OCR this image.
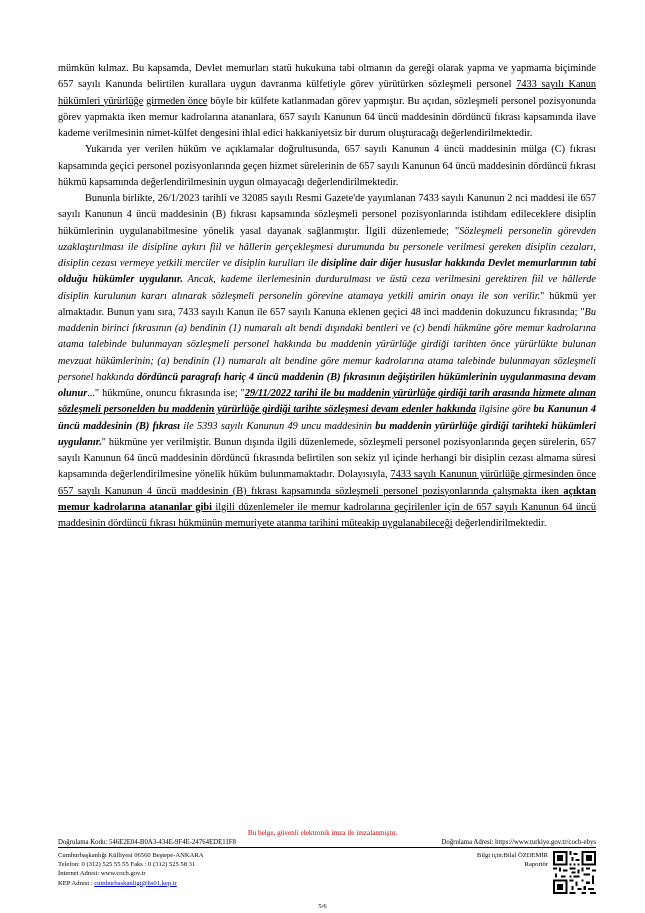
mümkün kılmaz. Bu kapsamda, Devlet memurları statü hukukuna tabi olmanın da gereği olarak yapma ve yapmama biçiminde 657 sayılı Kanunda belirtilen kurallara uygun davranma külfetiyle görev yürütürken sözleşmeli personel 7433 sayılı Kanun hükümleri yürürlüğe girmeden önce böyle bir külfete katlanmadan görev yapmıştır. Bu açıdan, sözleşmeli personel pozisyonunda görev yapmakta iken memur kadrolarına atananlara, 657 sayılı Kanunun 64 üncü maddesinin dördüncü fıkrası kapsamında ilave kademe verilmesinin nimet-külfet dengesini ihlal edici hakkaniyetsiz bir durum oluşturacağı değerlendirilmektedir.

Yukarıda yer verilen hüküm ve açıklamalar doğrultusunda, 657 sayılı Kanunun 4 üncü maddesinin mülga (C) fıkrası kapsamında geçici personel pozisyonlarında geçen hizmet sürelerinin de 657 sayılı Kanunun 64 üncü maddesinin dördüncü fıkrası hükmü kapsamında değerlendirilmesinin uygun olmayacağı değerlendirilmektedir.

Bununla birlikte, 26/1/2023 tarihli ve 32085 sayılı Resmi Gazete'de yayımlanan 7433 sayılı Kanunun 2 nci maddesi ile 657 sayılı Kanunun 4 üncü maddesinin (B) fıkrası kapsamında sözleşmeli personel pozisyonlarında istihdam edileceklere disiplin hükümlerinin uygulanabilmesine yönelik yasal dayanak sağlanmıştır. İlgili düzenlemede; "Sözleşmeli personelin görevden uzaklaştırılması ile disipline aykırı fiil ve hâllerin gerçekleşmesi durumunda bu personele verilmesi gereken disiplin cezaları, disiplin cezası vermeye yetkili merciler ve disiplin kurulları ile disipline dair diğer hususlar hakkında Devlet memurlarının tabi olduğu hükümler uygulanır. Ancak, kademe ilerlemesinin durdurulması ve üstü ceza verilmesini gerektiren fiil ve hâllerde disiplin kurulunun kararı alınarak sözleşmeli personelin görevine atamaya yetkili amirin onayı ile son verilir." hükmü yer almaktadır. Bunun yanı sıra, 7433 sayılı Kanun ile 657 sayılı Kanuna eklenen geçici 48 inci maddenin dokuzuncu fıkrasında; "Bu maddenin birinci fıkrasının (a) bendinin (1) numaralı alt bendi dışındaki bentleri ve (c) bendi hükmüne göre memur kadrolarına atama talebinde bulunmayan sözleşmeli personel hakkında bu maddenin yürürlüğe girdiği tarihten önce yürürlükte bulunan mevzuat hükümlerinin; (a) bendinin (1) numaralı alt bendine göre memur kadrolarına atama talebinde bulunmayan sözleşmeli personel hakkında dördüncü paragrafı hariç 4 üncü maddenin (B) fıkrasının değiştirilen hükümlerinin uygulanmasına devam olunur..." hükmüne, onuncu fıkrasında ise; "29/11/2022 tarihi ile bu maddenin yürürlüğe girdiği tarih arasında hizmete alınan sözleşmeli personelden bu maddenin yürürlüğe girdiği tarihte sözleşmesi devam edenler hakkında ilgisine göre bu Kanunun 4 üncü maddesinin (B) fıkrası ile 5393 sayılı Kanunun 49 uncu maddesinin bu maddenin yürürlüğe girdiği tarihteki hükümleri uygulanır." hükmüne yer verilmiştir. Bunun dışında ilgili düzenlemede, sözleşmeli personel pozisyonlarında geçen sürelerin, 657 sayılı Kanunun 64 üncü maddesinin dördüncü fıkrasında belirtilen son sekiz yıl içinde herhangi bir disiplin cezası almama süresi kapsamında değerlendirilmesine yönelik hüküm bulunmamaktadır. Dolayısıyla, 7433 sayılı Kanunun yürürlüğe girmesinden önce 657 sayılı Kanunun 4 üncü maddesinin (B) fıkrası kapsamında sözleşmeli personel pozisyonlarında çalışmakta iken açıktan memur kadrolarına atananlar gibi ilgili düzenlemeler ile memur kadrolarına geçirilenler için de 657 sayılı Kanunun 64 üncü maddesinin dördüncü fıkrası hükmünün memuriyete atanma tarihini müteakip uygulanabileceği değerlendirilmektedir.

Bu belge, güvenli elektronik imza ile imzalanmıştır.
Doğrulama Kodu: 546E2E04-B0A3-434E-9F4E-24764EDE11F8	Doğrulama Adresi: https://www.turkiye.gov.tr/cocb-ebys
Cumhurbaşkanlığı Külliyesi 06560 Beştepe-ANKARA
Telefon: 0 (312) 525 55 55 Faks : 0 (312) 525 58 31
İnternet Adresi: www.cocb.gov.tr
KEP Adresi : cumhurbaskanligi@hs01.kep.tr
Bilgi için:Bilal ÖZDEMİR
Raportör
5/6
